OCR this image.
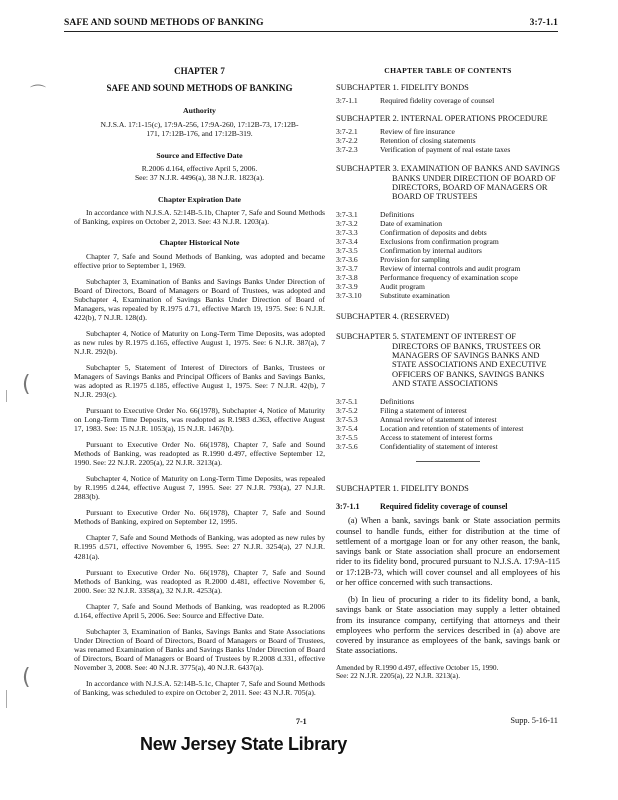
SAFE AND SOUND METHODS OF BANKING	3:7-1.1
⌒
(
(
CHAPTER 7
SAFE AND SOUND METHODS OF BANKING
Authority
N.J.S.A. 17:1-15(c), 17:9A-256, 17:9A-260, 17:12B-73, 17:12B-171, 17:12B-176, and 17:12B-319.
Source and Effective Date
R.2006 d.164, effective April 5, 2006.
See: 37 N.J.R. 4496(a), 38 N.J.R. 1823(a).
Chapter Expiration Date
In accordance with N.J.S.A. 52:14B-5.1b, Chapter 7, Safe and Sound Methods of Banking, expires on October 2, 2013. See: 43 N.J.R. 1203(a).
Chapter Historical Note
Chapter 7, Safe and Sound Methods of Banking, was adopted and became effective prior to September 1, 1969.
Subchapter 3, Examination of Banks and Savings Banks Under Direction of Board of Directors, Board of Managers or Board of Trustees, was adopted and Subchapter 4, Examination of Savings Banks Under Direction of Board of Managers, was repealed by R.1975 d.71, effective March 19, 1975. See: 6 N.J.R. 422(b), 7 N.J.R. 128(d).
Subchapter 4, Notice of Maturity on Long-Term Time Deposits, was adopted as new rules by R.1975 d.165, effective August 1, 1975. See: 6 N.J.R. 387(a), 7 N.J.R. 292(b).
Subchapter 5, Statement of Interest of Directors of Banks, Trustees or Managers of Savings Banks and Principal Officers of Banks and Savings Banks, was adopted as R.1975 d.185, effective August 1, 1975. See: 7 N.J.R. 42(b), 7 N.J.R. 293(c).
Pursuant to Executive Order No. 66(1978), Subchapter 4, Notice of Maturity on Long-Term Time Deposits, was readopted as R.1983 d.363, effective August 17, 1983. See: 15 N.J.R. 1053(a), 15 N.J.R. 1467(b).
Pursuant to Executive Order No. 66(1978), Chapter 7, Safe and Sound Methods of Banking, was readopted as R.1990 d.497, effective September 12, 1990. See: 22 N.J.R. 2205(a), 22 N.J.R. 3213(a).
Subchapter 4, Notice of Maturity on Long-Term Time Deposits, was repealed by R.1995 d.244, effective August 7, 1995. See: 27 N.J.R. 793(a), 27 N.J.R. 2883(b).
Pursuant to Executive Order No. 66(1978), Chapter 7, Safe and Sound Methods of Banking, expired on September 12, 1995.
Chapter 7, Safe and Sound Methods of Banking, was adopted as new rules by R.1995 d.571, effective November 6, 1995. See: 27 N.J.R. 3254(a), 27 N.J.R. 4281(a).
Pursuant to Executive Order No. 66(1978), Chapter 7, Safe and Sound Methods of Banking, was readopted as R.2000 d.481, effective November 6, 2000. See: 32 N.J.R. 3358(a), 32 N.J.R. 4253(a).
Chapter 7, Safe and Sound Methods of Banking, was readopted as R.2006 d.164, effective April 5, 2006. See: Source and Effective Date.
Subchapter 3, Examination of Banks, Savings Banks and State Associations Under Direction of Board of Directors, Board of Managers or Board of Trustees, was renamed Examination of Banks and Savings Banks Under Direction of Board of Directors, Board of Managers or Board of Trustees by R.2008 d.331, effective November 3, 2008. See: 40 N.J.R. 3775(a), 40 N.J.R. 6437(a).
In accordance with N.J.S.A. 52:14B-5.1c, Chapter 7, Safe and Sound Methods of Banking, was scheduled to expire on October 2, 2011. See: 43 N.J.R. 705(a).
CHAPTER TABLE OF CONTENTS
SUBCHAPTER 1. FIDELITY BONDS
3:7-1.1	Required fidelity coverage of counsel
SUBCHAPTER 2. INTERNAL OPERATIONS PROCEDURE
3:7-2.1	Review of fire insurance
3:7-2.2	Retention of closing statements
3:7-2.3	Verification of payment of real estate taxes
SUBCHAPTER 3. EXAMINATION OF BANKS AND SAVINGS BANKS UNDER DIRECTION OF BOARD OF DIRECTORS, BOARD OF MANAGERS OR BOARD OF TRUSTEES
3:7-3.1	Definitions
3:7-3.2	Date of examination
3:7-3.3	Confirmation of deposits and debts
3:7-3.4	Exclusions from confirmation program
3:7-3.5	Confirmation by internal auditors
3:7-3.6	Provision for sampling
3:7-3.7	Review of internal controls and audit program
3:7-3.8	Performance frequency of examination scope
3:7-3.9	Audit program
3:7-3.10	Substitute examination
SUBCHAPTER 4. (RESERVED)
SUBCHAPTER 5. STATEMENT OF INTEREST OF DIRECTORS OF BANKS, TRUSTEES OR MANAGERS OF SAVINGS BANKS AND STATE ASSOCIATIONS AND EXECUTIVE OFFICERS OF BANKS, SAVINGS BANKS AND STATE ASSOCIATIONS
3:7-5.1	Definitions
3:7-5.2	Filing a statement of interest
3:7-5.3	Annual review of statement of interest
3:7-5.4	Location and retention of statements of interest
3:7-5.5	Access to statement of interest forms
3:7-5.6	Confidentiality of statement of interest
SUBCHAPTER 1. FIDELITY BONDS
3:7-1.1	Required fidelity coverage of counsel
(a) When a bank, savings bank or State association permits counsel to handle funds, either for distribution at the time of settlement of a mortgage loan or for any other reason, the bank, savings bank or State association shall procure an endorsement rider to its fidelity bond, procured pursuant to N.J.S.A. 17:9A-115 or 17:12B-73, which will cover counsel and all employees of his or her office concerned with such transactions.
(b) In lieu of procuring a rider to its fidelity bond, a bank, savings bank or State association may supply a letter obtained from its insurance company, certifying that attorneys and their employees who perform the services described in (a) above are covered by insurance as employees of the bank, savings bank or State associations.
Amended by R.1990 d.497, effective October 15, 1990.
See: 22 N.J.R. 2205(a), 22 N.J.R. 3213(a).
7-1	Supp. 5-16-11
New Jersey State Library
